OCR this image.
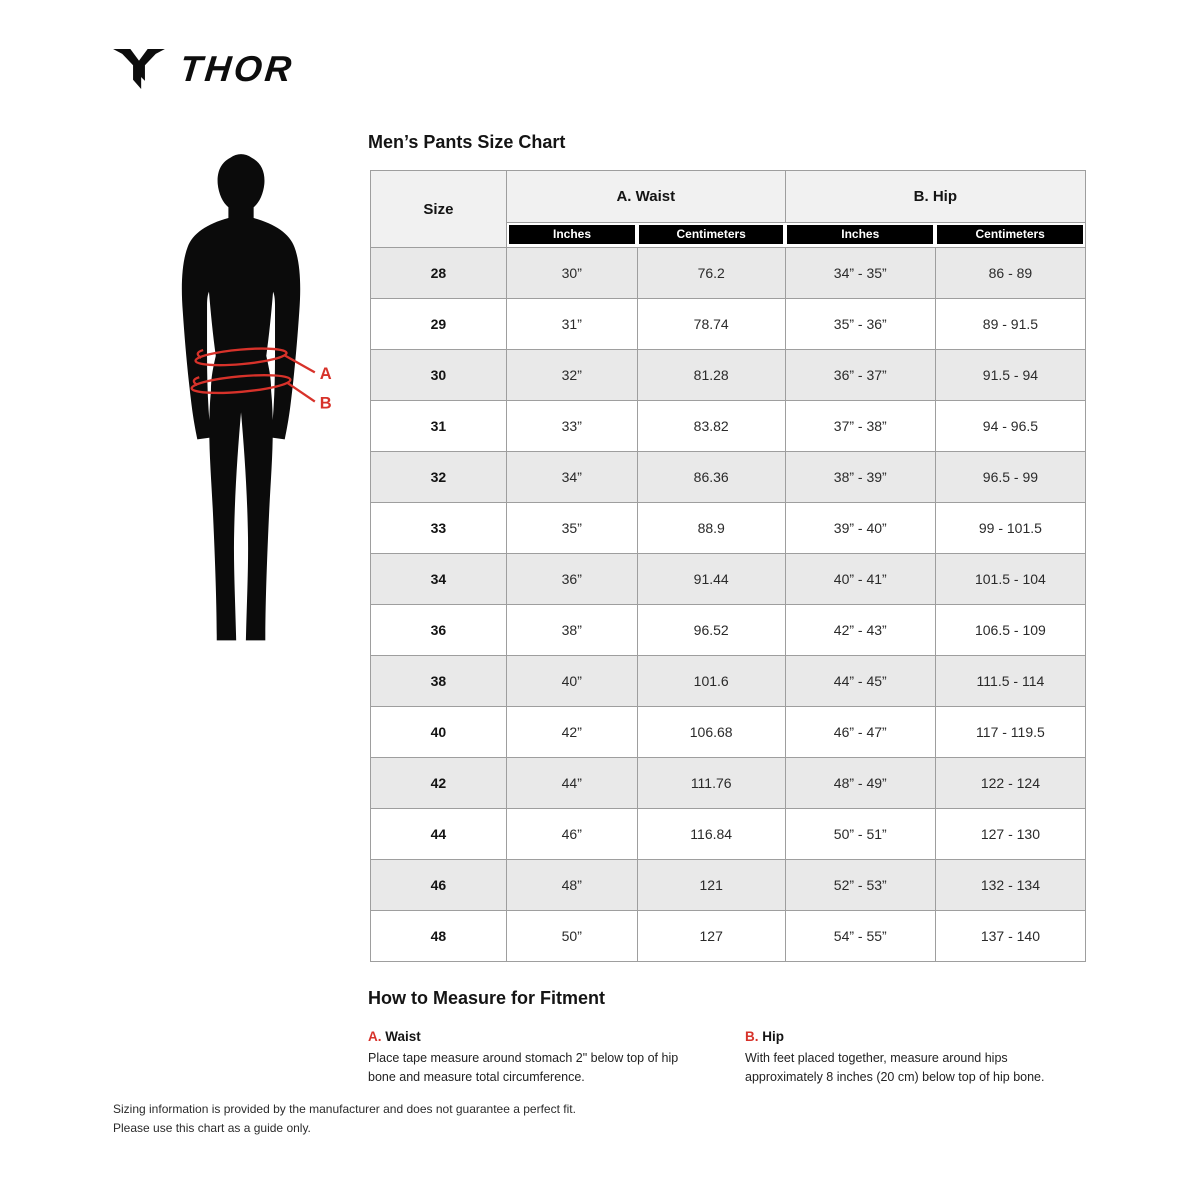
THOR
A
B
Men’s Pants Size Chart
Size	A. Waist		B. Hip	

	Inches	Centimeters	Inches	Centimeters

28	30”	76.2	34” - 35”	86 - 89
29	31”	78.74	35” - 36”	89 - 91.5
30	32”	81.28	36” - 37”	91.5 - 94
31	33”	83.82	37” - 38”	94 - 96.5
32	34”	86.36	38” - 39”	96.5 - 99
33	35”	88.9	39” - 40”	99 - 101.5
34	36”	91.44	40” - 41”	101.5 - 104
36	38”	96.52	42” - 43”	106.5 - 109
38	40”	101.6	44” - 45”	111.5 - 114
40	42”	106.68	46” - 47”	117 - 119.5
42	44”	111.76	48” - 49”	122 - 124
44	46”	116.84	50” - 51”	127 - 130
46	48”	121	52” - 53”	132 - 134
48	50”	127	54” - 55”	137 - 140
How to Measure for Fitment
A. Waist
Place tape measure around stomach 2" below top of hip bone and measure total circumference.
B. Hip
With feet placed together, measure around hips approximately 8 inches (20 cm) below top of hip bone.
Sizing information is provided by the manufacturer and does not guarantee a perfect fit.
Please use this chart as a guide only.
